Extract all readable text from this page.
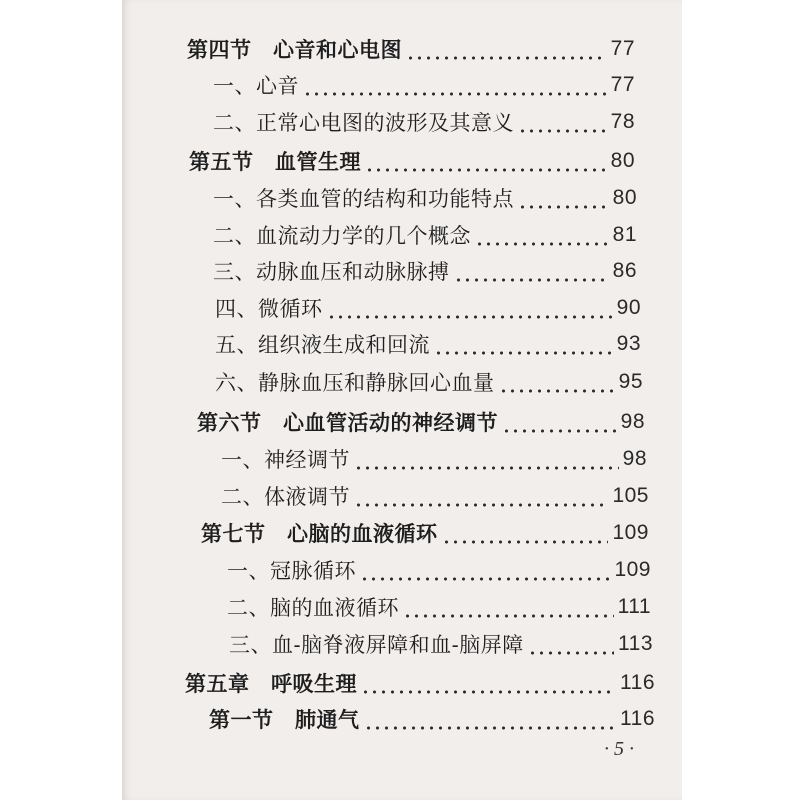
第四节　心音和心电图	77
一、心音	77
二、正常心电图的波形及其意义	78
第五节　血管生理	80
一、各类血管的结构和功能特点	80
二、血流动力学的几个概念	81
三、动脉血压和动脉脉搏	86
四、微循环	90
五、组织液生成和回流	93
六、静脉血压和静脉回心血量	95
第六节　心血管活动的神经调节	98
一、神经调节	98
二、体液调节	105
第七节　心脑的血液循环	109
一、冠脉循环	109
二、脑的血液循环	111
三、血-脑脊液屏障和血-脑屏障	113
第五章　呼吸生理	116
第一节　肺通气	116
· 5 ·
